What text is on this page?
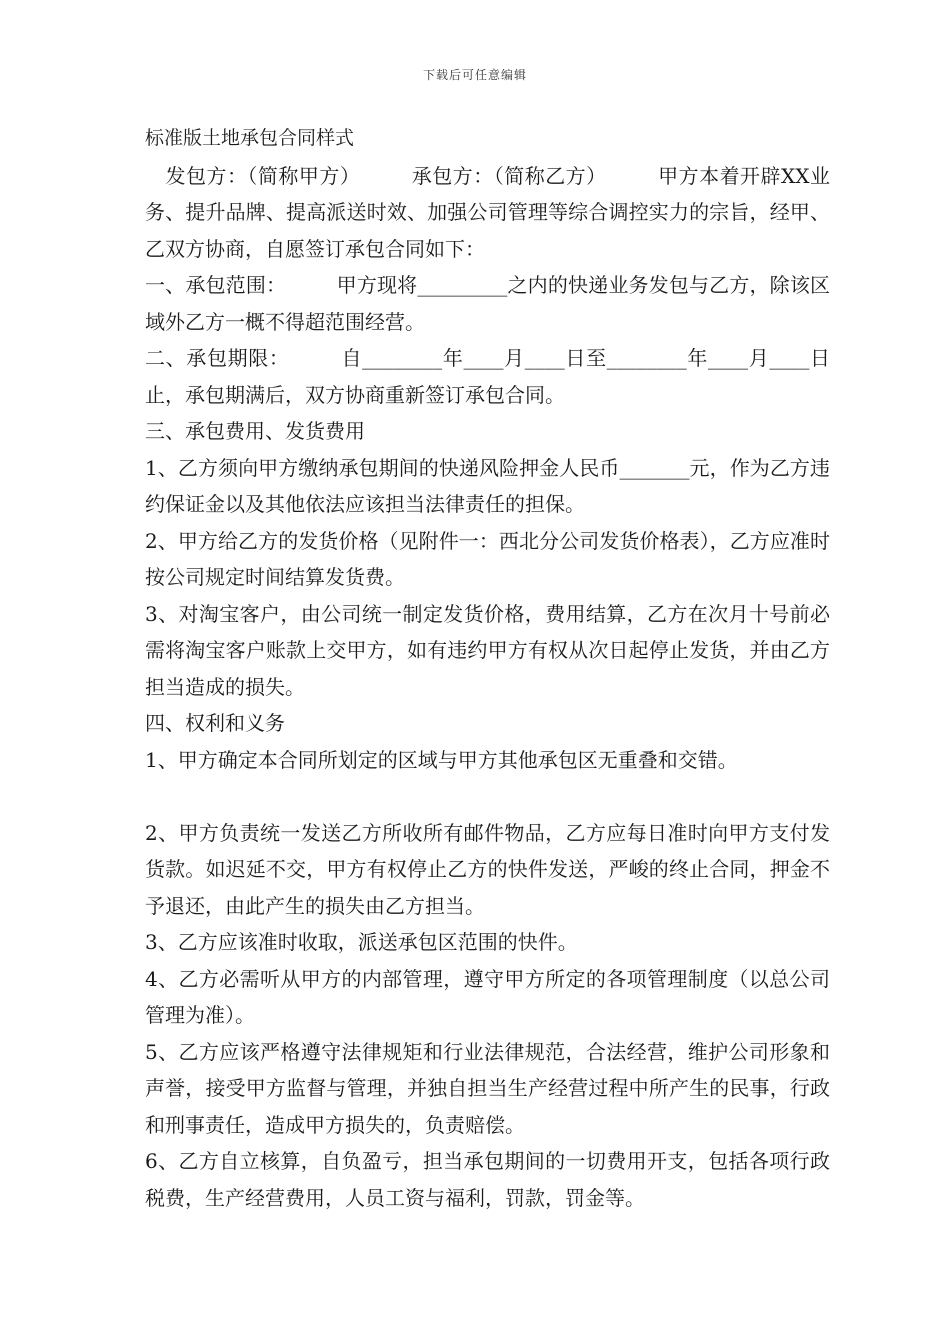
下载后可任意编辑
标准版土地承包合同样式

　发包方：（简称甲方）　　　承包方：（简称乙方）　　　甲方本着开辟XX业务、提升品牌、提高派送时效、加强公司管理等综合调控实力的宗旨，经甲、乙双方协商，自愿签订承包合同如下：

一、承包范围：　　　甲方现将_________之内的快递业务发包与乙方，除该区域外乙方一概不得超范围经营。

二、承包期限：　　　自________年____月____日至________年____月____日止，承包期满后，双方协商重新签订承包合同。

三、承包费用、发货费用

1、乙方须向甲方缴纳承包期间的快递风险押金人民币_______元，作为乙方违约保证金以及其他依法应该担当法律责任的担保。

2、甲方给乙方的发货价格（见附件一：西北分公司发货价格表），乙方应准时按公司规定时间结算发货费。

3、对淘宝客户，由公司统一制定发货价格，费用结算，乙方在次月十号前必需将淘宝客户账款上交甲方，如有违约甲方有权从次日起停止发货，并由乙方担当造成的损失。

四、权利和义务

1、甲方确定本合同所划定的区域与甲方其他承包区无重叠和交错。

2、甲方负责统一发送乙方所收所有邮件物品，乙方应每日准时向甲方支付发货款。如迟延不交，甲方有权停止乙方的快件发送，严峻的终止合同，押金不予退还，由此产生的损失由乙方担当。

3、乙方应该准时收取，派送承包区范围的快件。

4、乙方必需听从甲方的内部管理，遵守甲方所定的各项管理制度（以总公司管理为准）。

5、乙方应该严格遵守法律规矩和行业法律规范，合法经营，维护公司形象和声誉，接受甲方监督与管理，并独自担当生产经营过程中所产生的民事，行政和刑事责任，造成甲方损失的，负责赔偿。

6、乙方自立核算，自负盈亏，担当承包期间的一切费用开支，包括各项行政税费，生产经营费用，人员工资与福利，罚款，罚金等。
